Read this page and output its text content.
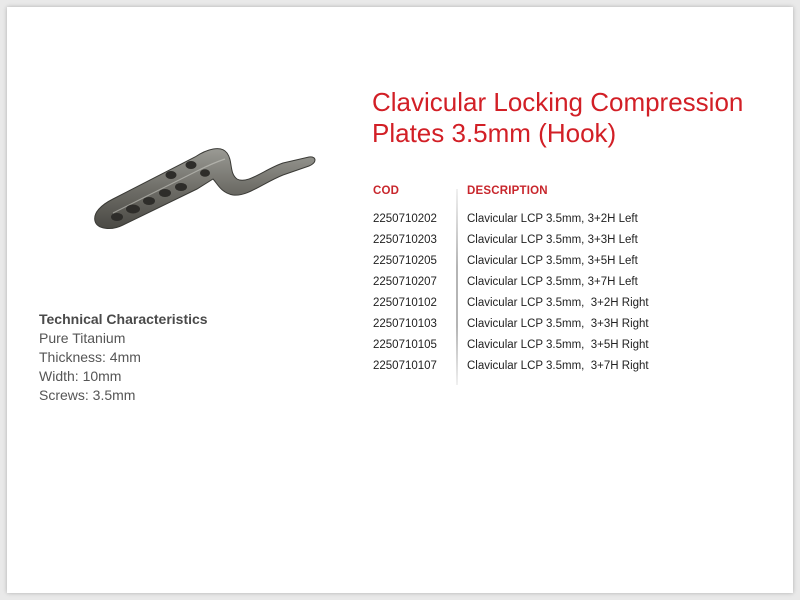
Clavicular Locking Compression
Plates 3.5mm (Hook)
COD	DESCRIPTION
2250710202	Clavicular LCP 3.5mm, 3+2H Left
2250710203	Clavicular LCP 3.5mm, 3+3H Left
2250710205	Clavicular LCP 3.5mm, 3+5H Left
2250710207	Clavicular LCP 3.5mm, 3+7H Left
2250710102	Clavicular LCP 3.5mm,  3+2H Right
2250710103	Clavicular LCP 3.5mm,  3+3H Right
2250710105	Clavicular LCP 3.5mm,  3+5H Right
2250710107	Clavicular LCP 3.5mm,  3+7H Right
Technical Characteristics
Pure Titanium
Thickness: 4mm
Width: 10mm
Screws: 3.5mm
